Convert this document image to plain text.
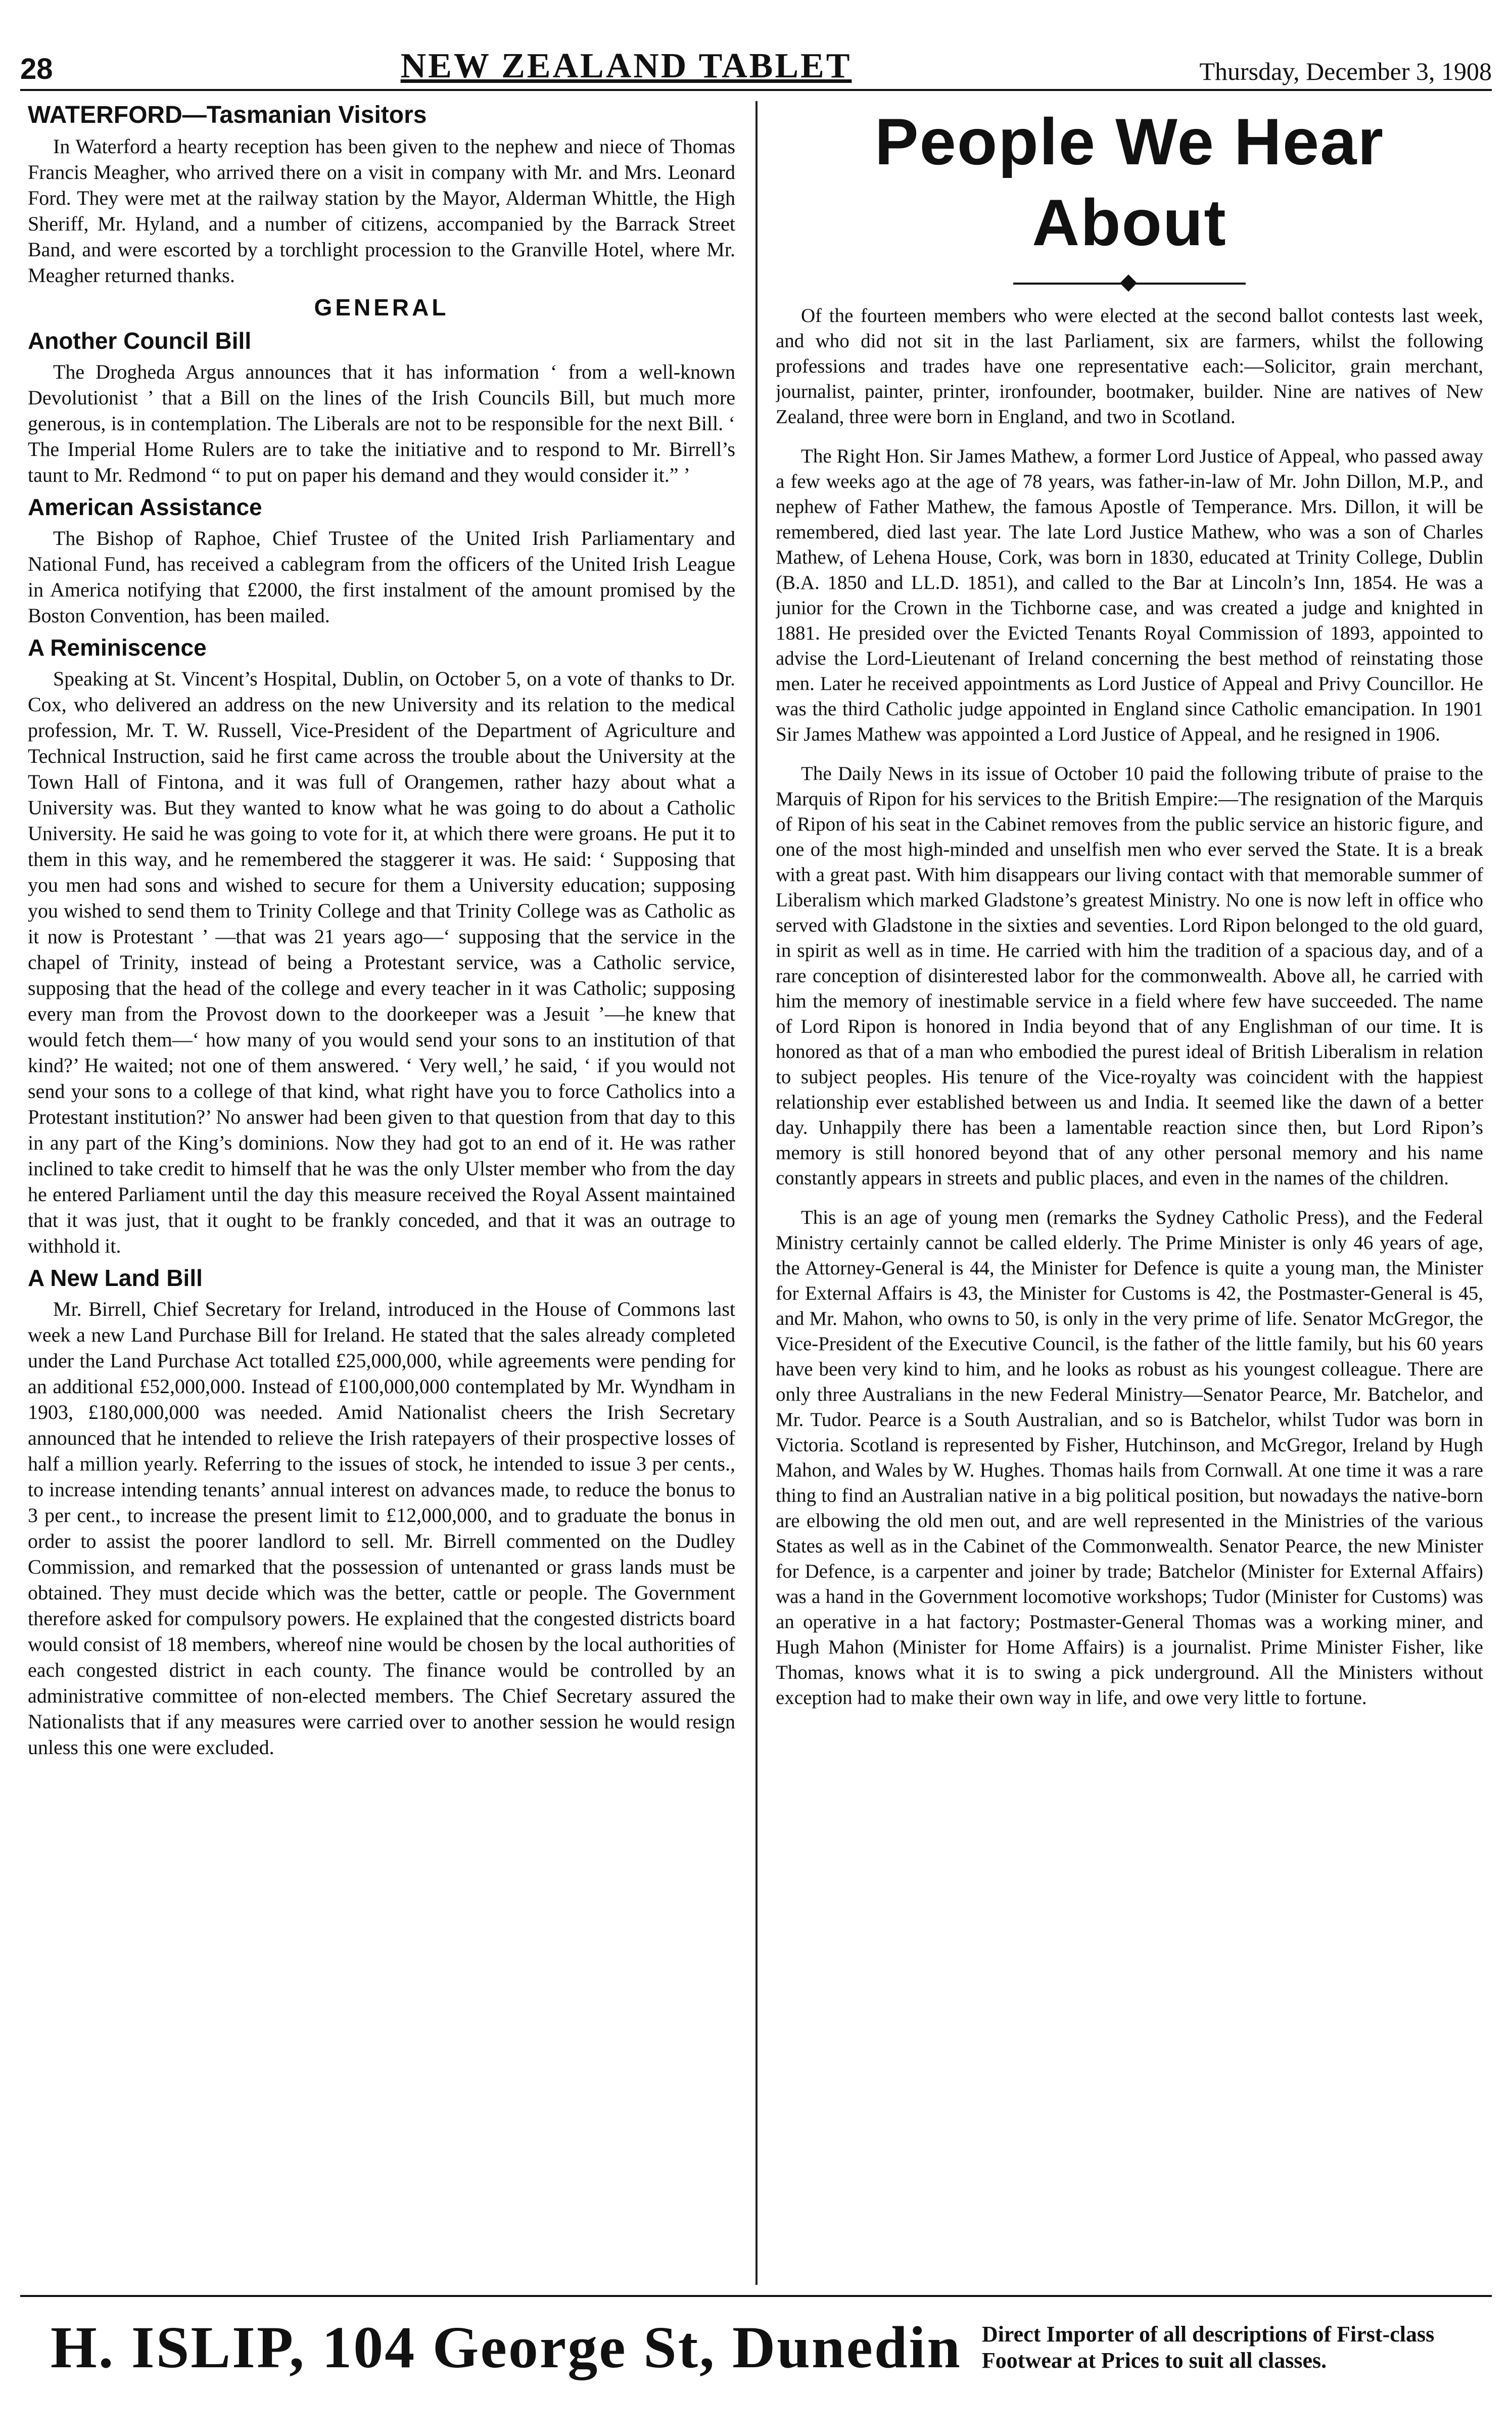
28	NEW ZEALAND TABLET	Thursday, December 3, 1908
WATERFORD—Tasmanian Visitors

In Waterford a hearty reception has been given to the nephew and niece of Thomas Francis Meagher, who arrived there on a visit in company with Mr. and Mrs. Leonard Ford. They were met at the railway station by the Mayor, Alderman Whittle, the High Sheriff, Mr. Hyland, and a number of citizens, accompanied by the Barrack Street Band, and were escorted by a torchlight procession to the Granville Hotel, where Mr. Meagher returned thanks.

GENERAL
Another Council Bill

The Drogheda Argus announces that it has information ‘ from a well-known Devolutionist ’ that a Bill on the lines of the Irish Councils Bill, but much more generous, is in contemplation. The Liberals are not to be responsible for the next Bill. ‘ The Imperial Home Rulers are to take the initiative and to respond to Mr. Birrell’s taunt to Mr. Redmond “ to put on paper his demand and they would consider it.” ’

American Assistance

The Bishop of Raphoe, Chief Trustee of the United Irish Parliamentary and National Fund, has received a cablegram from the officers of the United Irish League in America notifying that £2000, the first instalment of the amount promised by the Boston Convention, has been mailed.

A Reminiscence

Speaking at St. Vincent’s Hospital, Dublin, on October 5, on a vote of thanks to Dr. Cox, who delivered an address on the new University and its relation to the medical profession, Mr. T. W. Russell, Vice-President of the Department of Agriculture and Technical Instruction, said he first came across the trouble about the University at the Town Hall of Fintona, and it was full of Orangemen, rather hazy about what a University was. But they wanted to know what he was going to do about a Catholic University. He said he was going to vote for it, at which there were groans. He put it to them in this way, and he remembered the staggerer it was. He said: ‘ Supposing that you men had sons and wished to secure for them a University education; supposing you wished to send them to Trinity College and that Trinity College was as Catholic as it now is Protestant ’ —that was 21 years ago—‘ supposing that the service in the chapel of Trinity, instead of being a Protestant service, was a Catholic service, supposing that the head of the college and every teacher in it was Catholic; supposing every man from the Provost down to the doorkeeper was a Jesuit ’—he knew that would fetch them—‘ how many of you would send your sons to an institution of that kind?’ He waited; not one of them answered. ‘ Very well,’ he said, ‘ if you would not send your sons to a college of that kind, what right have you to force Catholics into a Protestant institution?’ No answer had been given to that question from that day to this in any part of the King’s dominions. Now they had got to an end of it. He was rather inclined to take credit to himself that he was the only Ulster member who from the day he entered Parliament until the day this measure received the Royal Assent maintained that it was just, that it ought to be frankly conceded, and that it was an outrage to withhold it.

A New Land Bill

Mr. Birrell, Chief Secretary for Ireland, introduced in the House of Commons last week a new Land Purchase Bill for Ireland. He stated that the sales already completed under the Land Purchase Act totalled £25,000,000, while agreements were pending for an additional £52,000,000. Instead of £100,000,000 contemplated by Mr. Wyndham in 1903, £180,000,000 was needed. Amid Nationalist cheers the Irish Secretary announced that he intended to relieve the Irish ratepayers of their prospective losses of half a million yearly. Referring to the issues of stock, he intended to issue 3 per cents., to increase intending tenants’ annual interest on advances made, to reduce the bonus to 3 per cent., to increase the present limit to £12,000,000, and to graduate the bonus in order to assist the poorer landlord to sell. Mr. Birrell commented on the Dudley Commission, and remarked that the possession of untenanted or grass lands must be obtained. They must decide which was the better, cattle or people. The Government therefore asked for compulsory powers. He explained that the congested districts board would consist of 18 members, whereof nine would be chosen by the local authorities of each congested district in each county. The finance would be controlled by an administrative committee of non-elected members. The Chief Secretary assured the Nationalists that if any measures were carried over to another session he would resign unless this one were excluded.

People We Hear About

Of the fourteen members who were elected at the second ballot contests last week, and who did not sit in the last Parliament, six are farmers, whilst the following professions and trades have one representative each:—Solicitor, grain merchant, journalist, painter, printer, ironfounder, bootmaker, builder. Nine are natives of New Zealand, three were born in England, and two in Scotland.

The Right Hon. Sir James Mathew, a former Lord Justice of Appeal, who passed away a few weeks ago at the age of 78 years, was father-in-law of Mr. John Dillon, M.P., and nephew of Father Mathew, the famous Apostle of Temperance. Mrs. Dillon, it will be remembered, died last year. The late Lord Justice Mathew, who was a son of Charles Mathew, of Lehena House, Cork, was born in 1830, educated at Trinity College, Dublin (B.A. 1850 and LL.D. 1851), and called to the Bar at Lincoln’s Inn, 1854. He was a junior for the Crown in the Tichborne case, and was created a judge and knighted in 1881. He presided over the Evicted Tenants Royal Commission of 1893, appointed to advise the Lord-Lieutenant of Ireland concerning the best method of reinstating those men. Later he received appointments as Lord Justice of Appeal and Privy Councillor. He was the third Catholic judge appointed in England since Catholic emancipation. In 1901 Sir James Mathew was appointed a Lord Justice of Appeal, and he resigned in 1906.

The Daily News in its issue of October 10 paid the following tribute of praise to the Marquis of Ripon for his services to the British Empire:—The resignation of the Marquis of Ripon of his seat in the Cabinet removes from the public service an historic figure, and one of the most high-minded and unselfish men who ever served the State. It is a break with a great past. With him disappears our living contact with that memorable summer of Liberalism which marked Gladstone’s greatest Ministry. No one is now left in office who served with Gladstone in the sixties and seventies. Lord Ripon belonged to the old guard, in spirit as well as in time. He carried with him the tradition of a spacious day, and of a rare conception of disinterested labor for the commonwealth. Above all, he carried with him the memory of inestimable service in a field where few have succeeded. The name of Lord Ripon is honored in India beyond that of any Englishman of our time. It is honored as that of a man who embodied the purest ideal of British Liberalism in relation to subject peoples. His tenure of the Vice-royalty was coincident with the happiest relationship ever established between us and India. It seemed like the dawn of a better day. Unhappily there has been a lamentable reaction since then, but Lord Ripon’s memory is still honored beyond that of any other personal memory and his name constantly appears in streets and public places, and even in the names of the children.

This is an age of young men (remarks the Sydney Catholic Press), and the Federal Ministry certainly cannot be called elderly. The Prime Minister is only 46 years of age, the Attorney-General is 44, the Minister for Defence is quite a young man, the Minister for External Affairs is 43, the Minister for Customs is 42, the Postmaster-General is 45, and Mr. Mahon, who owns to 50, is only in the very prime of life. Senator McGregor, the Vice-President of the Executive Council, is the father of the little family, but his 60 years have been very kind to him, and he looks as robust as his youngest colleague. There are only three Australians in the new Federal Ministry—Senator Pearce, Mr. Batchelor, and Mr. Tudor. Pearce is a South Australian, and so is Batchelor, whilst Tudor was born in Victoria. Scotland is represented by Fisher, Hutchinson, and McGregor, Ireland by Hugh Mahon, and Wales by W. Hughes. Thomas hails from Cornwall. At one time it was a rare thing to find an Australian native in a big political position, but nowadays the native-born are elbowing the old men out, and are well represented in the Ministries of the various States as well as in the Cabinet of the Commonwealth. Senator Pearce, the new Minister for Defence, is a carpenter and joiner by trade; Batchelor (Minister for External Affairs) was a hand in the Government locomotive workshops; Tudor (Minister for Customs) was an operative in a hat factory; Postmaster-General Thomas was a working miner, and Hugh Mahon (Minister for Home Affairs) is a journalist. Prime Minister Fisher, like Thomas, knows what it is to swing a pick underground. All the Ministers without exception had to make their own way in life, and owe very little to fortune.

H. ISLIP, 104 George St, Dunedin Direct Importer of all descriptions of First-class
Footwear at Prices to suit all classes.
